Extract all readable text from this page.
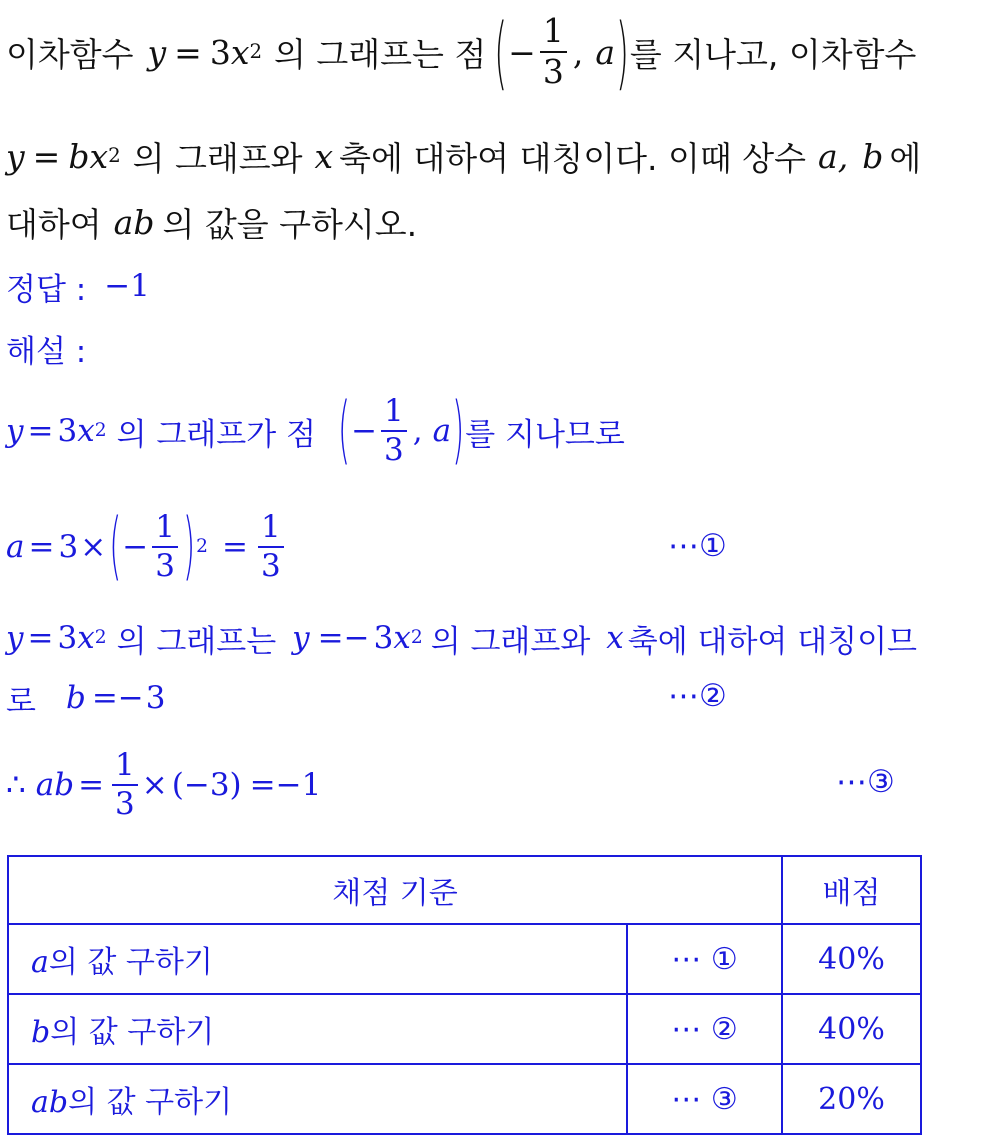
이차함수 y = 3 x 2 의 그래프는 점 ( − $\frac{1}{3}$ , a ) 를 지나고, 이차함수
y = b x 2 의 그래프와 x 축에 대하여 대칭이다. 이때 상수 a, b 에
대하여 ab 의 값을 구하시오.
정답 : −1
해설 :
y = 3 x 2 의 그래프가 점 ( − $\frac{1}{3}$ , a ) 를 지나므로
a = 3 × ( − $\frac{1}{3}$ ) $2 = \frac{1}{3}$	⋯①
y = 3 x 2 의 그래프는 y =− 3 x 2 의 그래프와 x 축에 대하여 대칭이므
로 b =− 3	⋯②
∴ ab = $\frac{1}{3} \times (-3) =-1$	⋯③
채점 기준		배점
a의 값 구하기	⋯ ①	40%
b의 값 구하기	⋯ ②	40%
ab의 값 구하기	⋯ ③	20%
